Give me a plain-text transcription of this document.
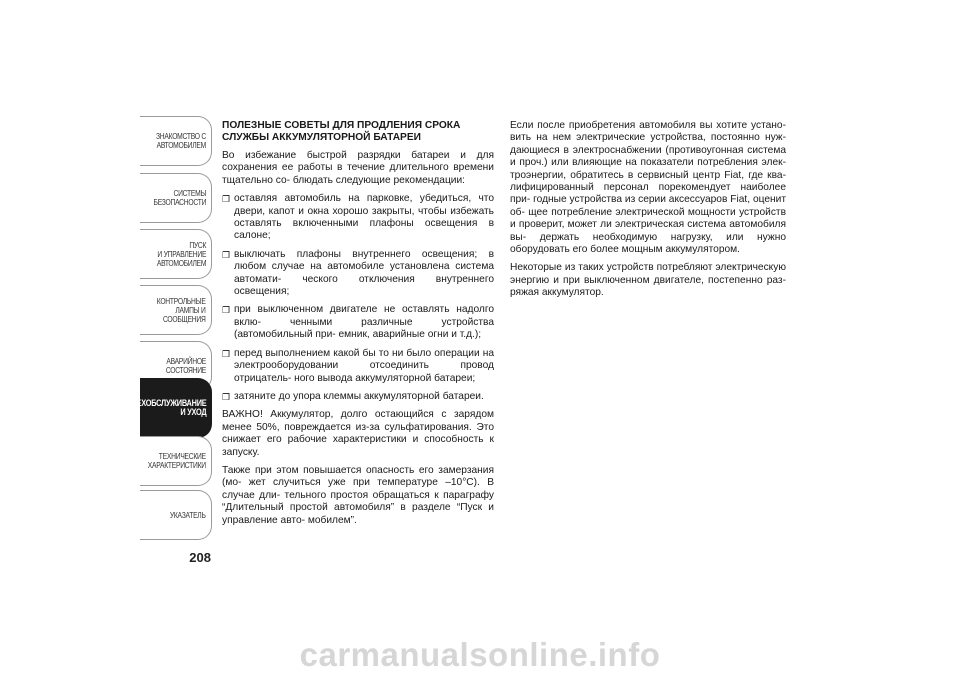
ЗНАКОМСТВО С
АВТОМОБИЛЕМ
СИСТЕМЫ
БЕЗОПАСНОСТИ
ПУСК
И УПРАВЛЕНИЕ
АВТОМОБИЛЕМ
КОНТРОЛЬНЫЕ
ЛАМПЫ И
СООБЩЕНИЯ
АВАРИЙНОЕ
СОСТОЯНИЕ
ТЕХОБСЛУЖИВАНИЕ
И УХОД
ТЕХНИЧЕСКИЕ
ХАРАКТЕРИСТИКИ
УКАЗАТЕЛЬ
208

ПОЛЕЗНЫЕ СОВЕТЫ ДЛЯ ПРОДЛЕНИЯ СРОКА СЛУЖБЫ АККУМУЛЯТОРНОЙ БАТАРЕИ

Во избежание быстрой разрядки батареи и для сохранения ее работы в течение длительного времени тщательно со- блюдать следующие рекомендации:

❐ оставляя автомобиль на парковке, убедиться, что двери, капот и окна хорошо закрыты, чтобы избежать оставлять включенными плафоны освещения в салоне;
❐ выключать плафоны внутреннего освещения; в любом случае на автомобиле установлена система автомати- ческого отключения внутреннего освещения;
❐ при выключенном двигателе не оставлять надолго вклю- ченными различные устройства (автомобильный при- емник, аварийные огни и т.д.);
❐ перед выполнением какой бы то ни было операции на электрооборудовании отсоединить провод отрицатель- ного вывода аккумуляторной батареи;
❐ затяните до упора клеммы аккумуляторной батареи.

ВАЖНО! Аккумулятор, долго остающийся с зарядом менее 50%, повреждается из-за сульфатирования. Это снижает его рабочие характеристики и способность к запуску.

Также при этом повышается опасность его замерзания (мо- жет случиться уже при температуре –10°C). В случае дли- тельного простоя обращаться к параграфу “Длительный простой автомобиля” в разделе “Пуск и управление авто- мобилем”.

Если после приобретения автомобиля вы хотите устано- вить на нем электрические устройства, постоянно нуж- дающиеся в электроснабжении (противоугонная система и проч.) или влияющие на показатели потребления элек- троэнергии, обратитесь в сервисный центр Fiat, где ква- лифицированный персонал порекомендует наиболее при- годные устройства из серии аксессуаров Fiat, оценит об- щее потребление электрической мощности устройств и проверит, может ли электрическая система автомобиля вы- держать необходимую нагрузку, или нужно оборудовать его более мощным аккумулятором.

Некоторые из таких устройств потребляют электрическую энергию и при выключенном двигателе, постепенно раз- ряжая аккумулятор.

carmanualsonline.info
